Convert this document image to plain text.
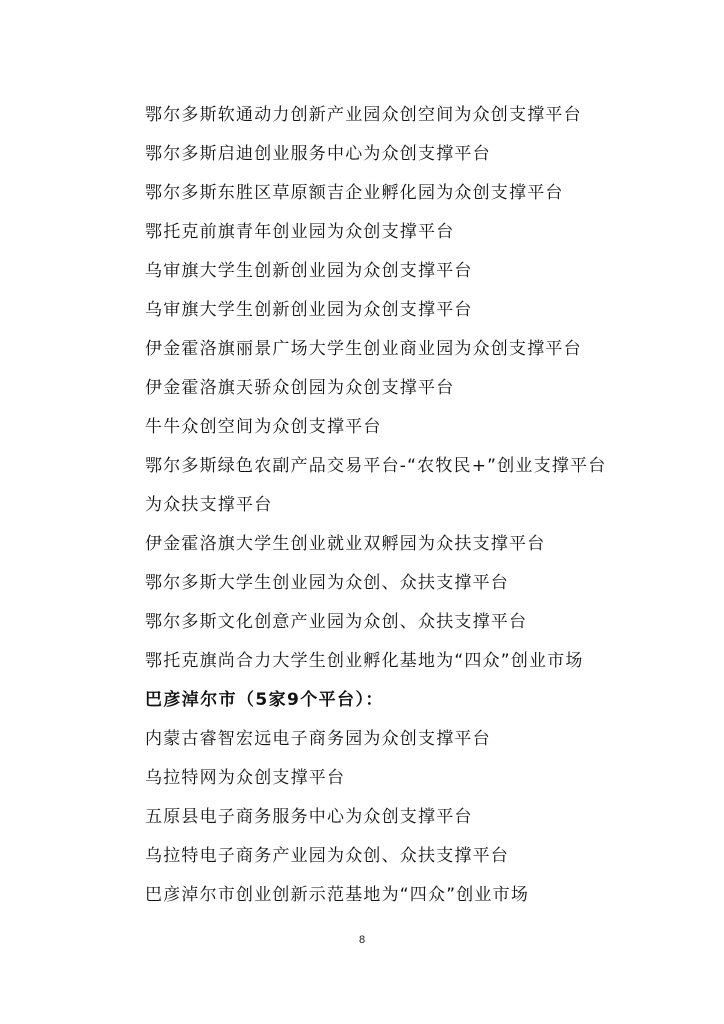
鄂尔多斯软通动力创新产业园众创空间为众创支撑平台
鄂尔多斯启迪创业服务中心为众创支撑平台
鄂尔多斯东胜区草原额吉企业孵化园为众创支撑平台
鄂托克前旗青年创业园为众创支撑平台
乌审旗大学生创新创业园为众创支撑平台
乌审旗大学生创新创业园为众创支撑平台
伊金霍洛旗丽景广场大学生创业商业园为众创支撑平台
伊金霍洛旗天骄众创园为众创支撑平台
牛牛众创空间为众创支撑平台
鄂尔多斯绿色农副产品交易平台-“农牧民+”创业支撑平台
为众扶支撑平台
伊金霍洛旗大学生创业就业双孵园为众扶支撑平台
鄂尔多斯大学生创业园为众创、众扶支撑平台
鄂尔多斯文化创意产业园为众创、众扶支撑平台
鄂托克旗尚合力大学生创业孵化基地为“四众”创业市场
巴彦淖尔市（5家9个平台）：
内蒙古睿智宏远电子商务园为众创支撑平台
乌拉特网为众创支撑平台
五原县电子商务服务中心为众创支撑平台
乌拉特电子商务产业园为众创、众扶支撑平台
巴彦淖尔市创业创新示范基地为“四众”创业市场
8
